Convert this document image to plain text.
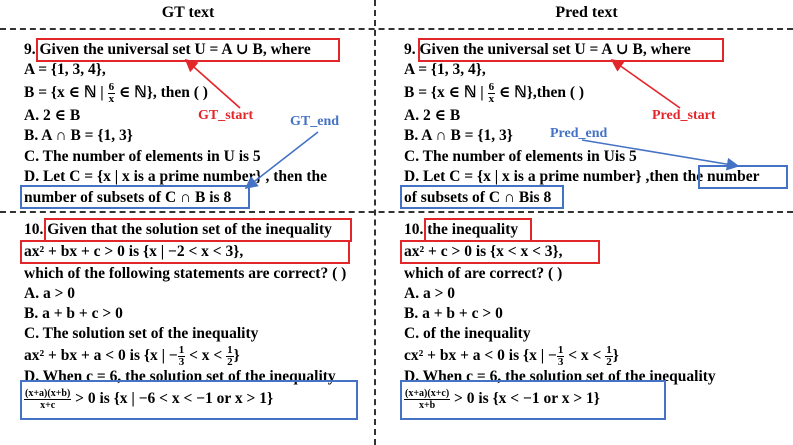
GT text	Pred text
9. Given the universal set U = A ∪ B, where
A = {1, 3, 4},
B = {x ∈ ℕ | $\frac{6}{x}$ ∈ ℕ}, then ( )
A. 2 ∈ B
B. A ∩ B = {1, 3}
C. The number of elements in U is 5
D. Let C = {x | x is a prime number} , then the
number of subsets of C ∩ B is 8
GT_start	GT_end
10. Given that the solution set of the inequality
ax² + bx + c > 0 is {x | −2 < x < 3},
which of the following statements are correct? ( )
A. a > 0
B. a + b + c > 0
C. The solution set of the inequality
ax² + bx + a < 0 is {x | − $\frac{1}{3} < x < \frac{1}{2}$ }
D. When c = 6, the solution set of the inequality
$\frac{(x+a)(x+b)}{x+c} > 0$ is {x | −6 < x < −1 or x > 1}
9. Given the universal set U = A ∪ B, where
A = {1, 3, 4},
B = {x ∈ ℕ | $\frac{6}{x}$ ∈ ℕ},then ( )
A. 2 ∈ B
B. A ∩ B = {1, 3}
C. The number of elements in Uis 5
D. Let C = {x | x is a prime number} ,then the number
of subsets of C ∩ Bis 8
Pred_start
Pred_end
10. the inequality
ax² + c > 0 is {x < x < 3},
which of are correct? ( )
A. a > 0
B. a + b + c > 0
C. of the inequality
cx² + bx + a < 0 is {x | − $\frac{1}{3} < x < \frac{1}{2}$ }
D. When c = 6, the solution set of the inequality
$\frac{(x+a)(x+c)}{x+b} > 0$ is {x < −1 or x > 1}
